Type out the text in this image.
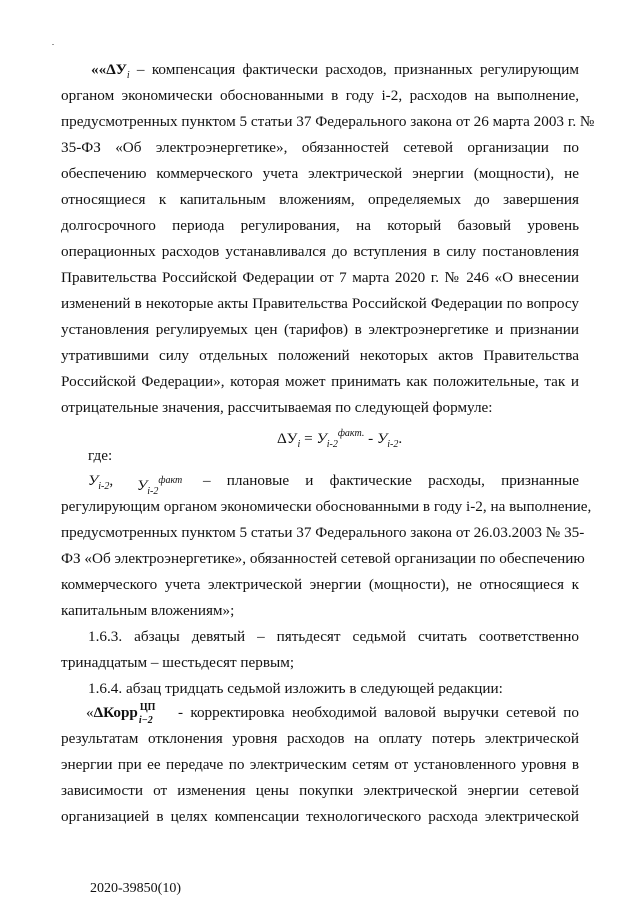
««$\Delta У_i$ – компенсация фактически расходов, признанных регулирующим
органом экономически обоснованными в году i-2, расходов на выполнение,
предусмотренных пунктом 5 статьи 37 Федерального закона от 26 марта 2003 г. №
35-ФЗ «Об электроэнергетике», обязанностей сетевой организации по
обеспечению коммерческого учета электрической энергии (мощности), не
относящиеся к капитальным вложениям, определяемых до завершения
долгосрочного периода регулирования, на который базовый уровень
операционных расходов устанавливался до вступления в силу постановления
Правительства Российской Федерации от 7 марта 2020 г. № 246 «О внесении
изменений в некоторые акты Правительства Российской Федерации по вопросу
установления регулируемых цен (тарифов) в электроэнергетике и признании
утратившими силу отдельных положений некоторых актов Правительства
Российской Федерации», которая может принимать как положительные, так и
отрицательные значения, рассчитываемая по следующей формуле:
$\Delta У_i = У_{i-2}^{факт.} - У_{i-2}$.
где:
$У_{i-2}$, $У_{i-2}^{факт}$ – плановые и фактические расходы, признанные
регулирующим органом экономически обоснованными в году i-2, на выполнение,
предусмотренных пунктом 5 статьи 37 Федерального закона от 26.03.2003 № 35-
ФЗ «Об электроэнергетике», обязанностей сетевой организации по обеспечению
коммерческого учета электрической энергии (мощности), не относящиеся к
капитальным вложениям»;
1.6.3. абзацы девятый – пятьдесят седьмой считать соответственно
тринадцатым – шестьдесят первым;
1.6.4. абзац тридцать седьмой изложить в следующей редакции:
«ΔКорр ЦП
i−2 - корректировка необходимой валовой выручки сетевой по
результатам отклонения уровня расходов на оплату потерь электрической
энергии при ее передаче по электрическим сетям от установленного уровня в
зависимости от изменения цены покупки электрической энергии сетевой
организацией в целях компенсации технологического расхода электрической
2020-39850(10)
